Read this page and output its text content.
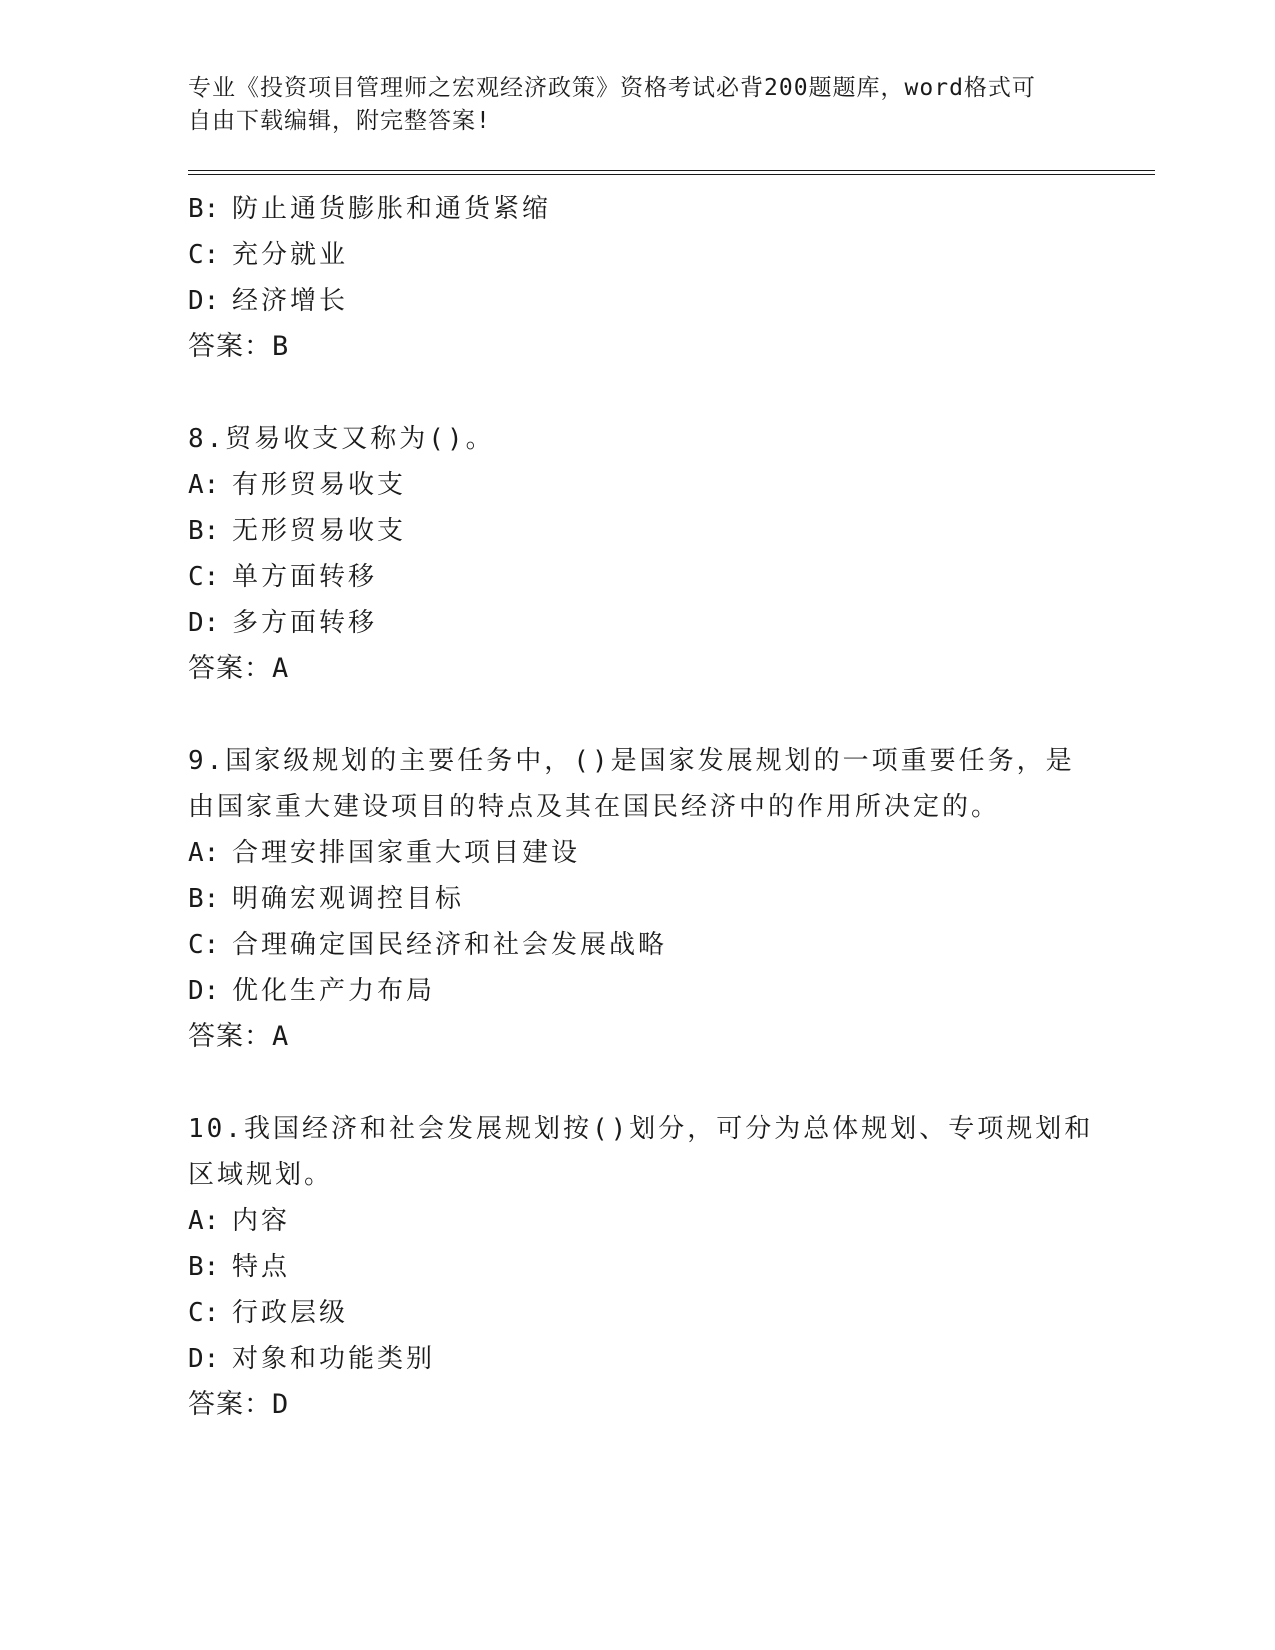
专业《投资项目管理师之宏观经济政策》资格考试必背200题题库，word格式可
自由下载编辑，附完整答案!
B: 防止通货膨胀和通货紧缩
C: 充分就业
D: 经济增长
答案：B
8.贸易收支又称为()。
A: 有形贸易收支
B: 无形贸易收支
C: 单方面转移
D: 多方面转移
答案：A
9.国家级规划的主要任务中，()是国家发展规划的一项重要任务，是
由国家重大建设项目的特点及其在国民经济中的作用所决定的。
A: 合理安排国家重大项目建设
B: 明确宏观调控目标
C: 合理确定国民经济和社会发展战略
D: 优化生产力布局
答案：A
10.我国经济和社会发展规划按()划分，可分为总体规划、专项规划和
区域规划。
A: 内容
B: 特点
C: 行政层级
D: 对象和功能类别
答案：D
